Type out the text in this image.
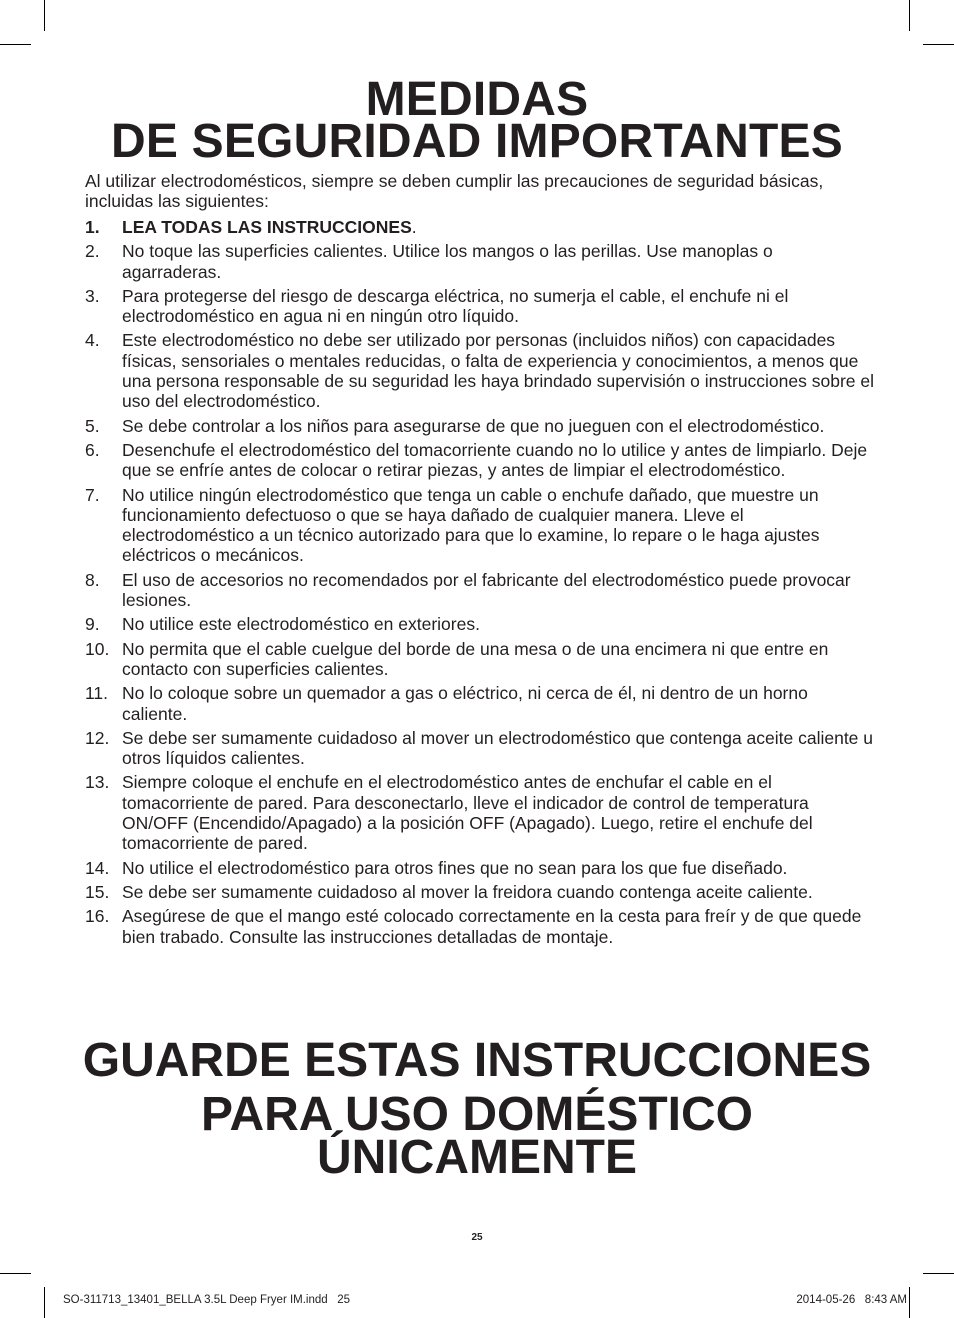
MEDIDAS
DE SEGURIDAD IMPORTANTES

Al utilizar electrodomésticos, siempre se deben cumplir las precauciones de seguridad básicas, incluidas las siguientes:

1.	LEA TODAS LAS INSTRUCCIONES.
2.	No toque las superficies calientes. Utilice los mangos o las perillas. Use manoplas o agarraderas.
3.	Para protegerse del riesgo de descarga eléctrica, no sumerja el cable, el enchufe ni el electrodoméstico en agua ni en ningún otro líquido.
4.	Este electrodoméstico no debe ser utilizado por personas (incluidos niños) con capacidades físicas, sensoriales o mentales reducidas, o falta de experiencia y conocimientos, a menos que una persona responsable de su seguridad les haya brindado supervisión o instrucciones sobre el uso del electrodoméstico.
5.	Se debe controlar a los niños para asegurarse de que no jueguen con el electrodoméstico.
6.	Desenchufe el electrodoméstico del tomacorriente cuando no lo utilice y antes de limpiarlo. Deje que se enfríe antes de colocar o retirar piezas, y antes de limpiar el electrodoméstico.
7.	No utilice ningún electrodoméstico que tenga un cable o enchufe dañado, que muestre un funcionamiento defectuoso o que se haya dañado de cualquier manera. Lleve el electrodoméstico a un técnico autorizado para que lo examine, lo repare o le haga ajustes eléctricos o mecánicos.
8.	El uso de accesorios no recomendados por el fabricante del electrodoméstico puede provocar lesiones.
9.	No utilice este electrodoméstico en exteriores.
10. No permita que el cable cuelgue del borde de una mesa o de una encimera ni que entre en contacto con superficies calientes.
11. No lo coloque sobre un quemador a gas o eléctrico, ni cerca de él, ni dentro de un horno caliente.
12. Se debe ser sumamente cuidadoso al mover un electrodoméstico que contenga aceite caliente u otros líquidos calientes.
13. Siempre coloque el enchufe en el electrodoméstico antes de enchufar el cable en el tomacorriente de pared. Para desconectarlo, lleve el indicador de control de temperatura ON/OFF (Encendido/Apagado) a la posición OFF (Apagado). Luego, retire el enchufe del tomacorriente de pared.
14. No utilice el electrodoméstico para otros fines que no sean para los que fue diseñado.
15. Se debe ser sumamente cuidadoso al mover la freidora cuando contenga aceite caliente.
16. Asegúrese de que el mango esté colocado correctamente en la cesta para freír y de que quede bien trabado. Consulte las instrucciones detalladas de montaje.
GUARDE ESTAS INSTRUCCIONES
PARA USO DOMÉSTICO
ÚNICAMENTE
25
SO-311713_13401_BELLA 3.5L Deep Fryer IM.indd   25	2014-05-26   8:43 AM
